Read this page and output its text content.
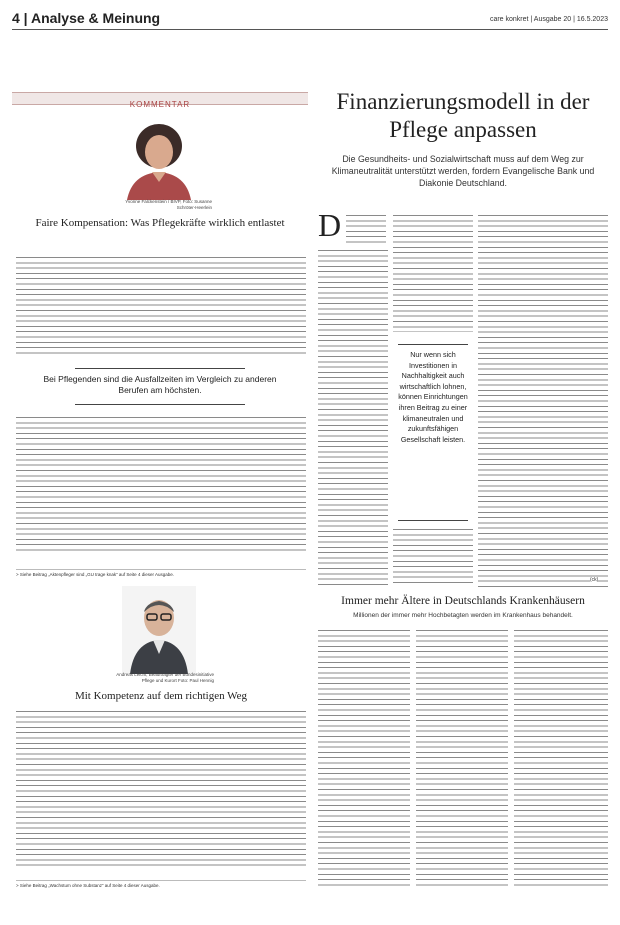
4 | Analyse & Meinung	care konkret | Ausgabe 20 | 16.5.2023
KOMMENTAR
Yvonne Falckenstein / BIVP, Foto: Susanne Schröter-Heerlein
Faire Kompensation: Was Pflegekräfte wirklich entlastet
Bei Pflegenden sind die Ausfallzeiten im Vergleich zu anderen Berufen am höchsten.
> Siehe Beitrag „Aktenpfleger sind „GU trage knak“ auf Seite 4 dieser Ausgabe.
Andreas Leicht, Beauftragter der Bundesinitiative Pflege und Kurort Foto: Paul Hennig
Mit Kompetenz auf dem richtigen Weg
> Siehe Beitrag „Wachstum ohne Substanz“ auf Seite 4 dieser Ausgabe.
Finanzierungsmodell in der Pflege anpassen
Die Gesundheits- und Sozialwirtschaft muss auf dem Weg zur Klimaneutralität unterstützt werden, fordern Evangelische Bank und Diakonie Deutschland.
D
Nur wenn sich Investitionen in Nachhaltigkeit auch wirtschaftlich lohnen, können Einrichtungen ihren Beitrag zu einer klimaneutralen und zukunftsfähigen Gesellschaft leisten.
(ck)
Immer mehr Ältere in Deutschlands Krankenhäusern
Millionen der immer mehr Hochbetagten werden im Krankenhaus behandelt.
